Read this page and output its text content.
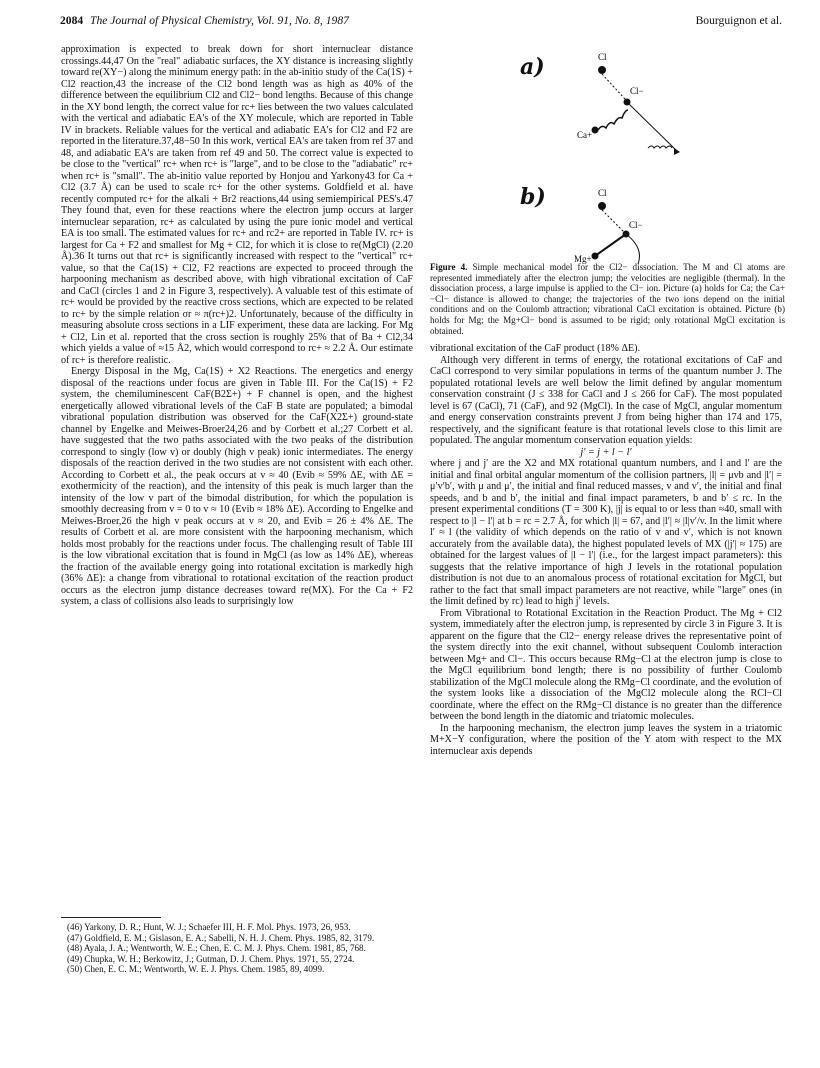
2084 The Journal of Physical Chemistry, Vol. 91, No. 8, 1987	Bourguignon et al.

approximation is expected to break down for short internuclear distance crossings.44,47 On the "real" adiabatic surfaces, the XY distance is increasing slightly toward re(XY−) along the minimum energy path: in the ab-initio study of the Ca(1S) + Cl2 reaction,43 the increase of the Cl2 bond length was as high as 40% of the difference between the equilibrium Cl2 and Cl2− bond lengths. Because of this change in the XY bond length, the correct value for rc+ lies between the two values calculated with the vertical and adiabatic EA's of the XY molecule, which are reported in Table IV in brackets. Reliable values for the vertical and adiabatic EA's for Cl2 and F2 are reported in the literature.37,48−50 In this work, vertical EA's are taken from ref 37 and 48, and adiabatic EA's are taken from ref 49 and 50. The correct value is expected to be close to the "vertical" rc+ when rc+ is "large", and to be close to the "adiabatic" rc+ when rc+ is "small". The ab-initio value reported by Honjou and Yarkony43 for Ca + Cl2 (3.7 Å) can be used to scale rc+ for the other systems. Goldfield et al. have recently computed rc+ for the alkali + Br2 reactions,44 using semiempirical PES's.47 They found that, even for these reactions where the electron jump occurs at larger internuclear separation, rc+ as calculated by using the pure ionic model and vertical EA is too small. The estimated values for rc+ and rc2+ are reported in Table IV. rc+ is largest for Ca + F2 and smallest for Mg + Cl2, for which it is close to re(MgCl) (2.20 Å).36 It turns out that rc+ is significantly increased with respect to the "vertical" rc+ value, so that the Ca(1S) + Cl2, F2 reactions are expected to proceed through the harpooning mechanism as described above, with high vibrational excitation of CaF and CaCl (circles 1 and 2 in Figure 3, respectively). A valuable test of this estimate of rc+ would be provided by the reactive cross sections, which are expected to be related to rc+ by the simple relation σr ≈ π(rc+)2. Unfortunately, because of the difficulty in measuring absolute cross sections in a LIF experiment, these data are lacking. For Mg + Cl2, Lin et al. reported that the cross section is roughly 25% that of Ba + Cl2,34 which yields a value of ≈15 Å2, which would correspond to rc+ ≈ 2.2 Å. Our estimate of rc+ is therefore realistic.

Energy Disposal in the Mg, Ca(1S) + X2 Reactions. The energetics and energy disposal of the reactions under focus are given in Table III. For the Ca(1S) + F2 system, the chemiluminescent CaF(B2Σ+) + F channel is open, and the highest energetically allowed vibrational levels of the CaF B state are populated; a bimodal vibrational population distribution was observed for the CaF(X2Σ+) ground-state channel by Engelke and Meiwes-Broer24,26 and by Corbett et al.;27 Corbett et al. have suggested that the two paths associated with the two peaks of the distribution correspond to singly (low v) or doubly (high v peak) ionic intermediates. The energy disposals of the reaction derived in the two studies are not consistent with each other. According to Corbett et al., the peak occurs at v ≈ 40 (Evib ≈ 59% ΔE, with ΔE = exothermicity of the reaction), and the intensity of this peak is much larger than the intensity of the low v part of the bimodal distribution, for which the population is smoothly decreasing from v = 0 to v ≈ 10 (Evib ≈ 18% ΔE). According to Engelke and Meiwes-Broer,26 the high v peak occurs at v ≈ 20, and Evib = 26 ± 4% ΔE. The results of Corbett et al. are more consistent with the harpooning mechanism, which holds most probably for the reactions under focus. The challenging result of Table III is the low vibrational excitation that is found in MgCl (as low as 14% ΔE), whereas the fraction of the available energy going into rotational excitation is markedly high (36% ΔE): a change from vibrational to rotational excitation of the reaction product occurs as the electron jump distance decreases toward re(MX). For the Ca + F2 system, a class of collisions also leads to surprisingly low

(46) Yarkony, D. R.; Hunt, W. J.; Schaefer III, H. F. Mol. Phys. 1973, 26, 953.
(47) Goldfield, E. M.; Gislason, E. A.; Sabelli, N. H. J. Chem. Phys. 1985, 82, 3179.
(48) Ayala, J. A.; Wentworth, W. E.; Chen, E. C. M. J. Phys. Chem. 1981, 85, 768.
(49) Chupka, W. H.; Berkowitz, J.; Gutman, D. J. Chem. Phys. 1971, 55, 2724.
(50) Chen, E. C. M.; Wentworth, W. E. J. Phys. Chem. 1985, 89, 4099.
a)
b)
Cl
Cl−
Ca+
Cl
Cl−
Mg+
Figure 4. Simple mechanical model for the Cl2− dissociation. The M and Cl atoms are represented immediately after the electron jump; the velocities are negligible (thermal). In the dissociation process, a large impulse is applied to the Cl− ion. Picture (a) holds for Ca; the Ca+−Cl− distance is allowed to change; the trajectories of the two ions depend on the initial conditions and on the Coulomb attraction; vibrational CaCl excitation is obtained. Picture (b) holds for Mg; the Mg+Cl− bond is assumed to be rigid; only rotational MgCl excitation is obtained.

vibrational excitation of the CaF product (18% ΔE).

Although very different in terms of energy, the rotational excitations of CaF and CaCl correspond to very similar populations in terms of the quantum number J. The populated rotational levels are well below the limit defined by angular momentum conservation constraint (J ≤ 338 for CaCl and J ≤ 266 for CaF). The most populated level is 67 (CaCl), 71 (CaF), and 92 (MgCl). In the case of MgCl, angular momentum and energy conservation constraints prevent J from being higher than 174 and 175, respectively, and the significant feature is that rotational levels close to this limit are populated. The angular momentum conservation equation yields:

j′ = j + l − l′

where j and j′ are the X2 and MX rotational quantum numbers, and l and l′ are the initial and final orbital angular momentum of the collision partners, |l| = μvb and |l′| = μ′v′b′, with μ and μ′, the initial and final reduced masses, v and v′, the initial and final speeds, and b and b′, the initial and final impact parameters, b and b′ ≤ rc. In the present experimental conditions (T = 300 K), |j| is equal to or less than ≈40, small with respect to |l − l′| at b = rc = 2.7 Å, for which |l| = 67, and |l′| ≈ |l|v′/v. In the limit where l′ ≈ l (the validity of which depends on the ratio of v and v′, which is not known accurately from the available data), the highest populated levels of MX (|j′| ≈ 175) are obtained for the largest values of |l − l′| (i.e., for the largest impact parameters): this suggests that the relative importance of high J levels in the rotational population distribution is not due to an anomalous process of rotational excitation for MgCl, but rather to the fact that small impact parameters are not reactive, while "large" ones (in the limit defined by rc) lead to high j′ levels.

From Vibrational to Rotational Excitation in the Reaction Product. The Mg + Cl2 system, immediately after the electron jump, is represented by circle 3 in Figure 3. It is apparent on the figure that the Cl2− energy release drives the representative point of the system directly into the exit channel, without subsequent Coulomb interaction between Mg+ and Cl−. This occurs because RMg−Cl at the electron jump is close to the MgCl equilibrium bond length; there is no possibility of further Coulomb stabilization of the MgCl molecule along the RMg−Cl coordinate, and the evolution of the system looks like a dissociation of the MgCl2 molecule along the RCl−Cl coordinate, where the effect on the RMg−Cl distance is no greater than the difference between the bond length in the diatomic and triatomic molecules.

In the harpooning mechanism, the electron jump leaves the system in a triatomic M+X−Y configuration, where the position of the Y atom with respect to the MX internuclear axis depends
